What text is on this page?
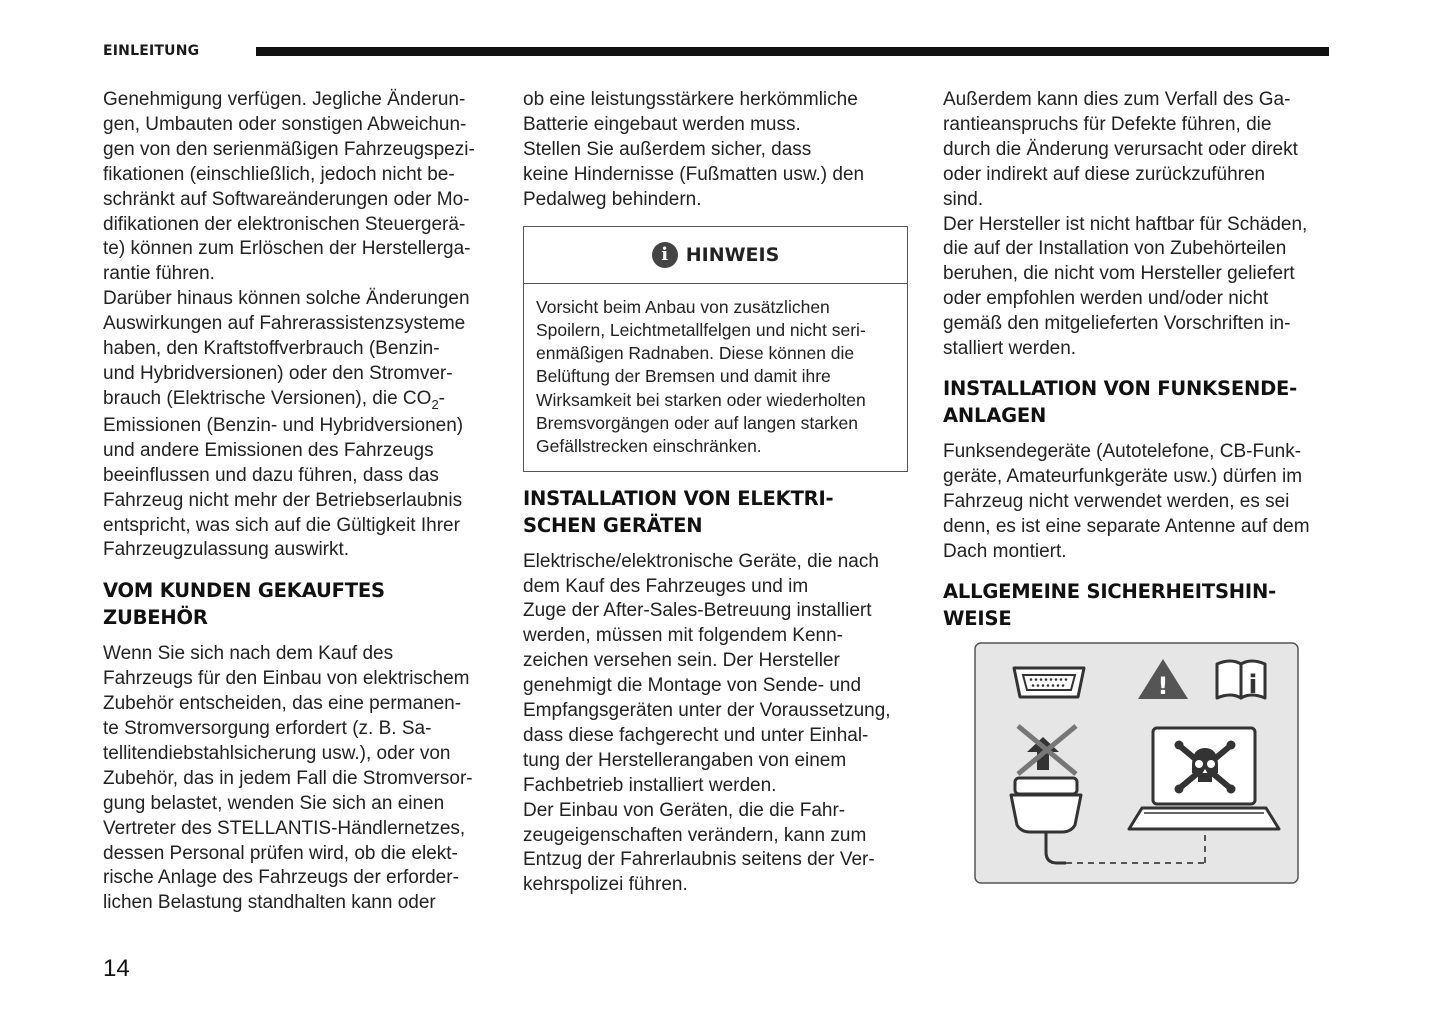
EINLEITUNG

Genehmigung verfügen. Jegliche Änderun-
gen, Umbauten oder sonstigen Abweichun-
gen von den serienmäßigen Fahrzeugspezi-
fikationen (einschließlich, jedoch nicht be-
schränkt auf Softwareänderungen oder Mo-
difikationen der elektronischen Steuergerä-
te) können zum Erlöschen der Herstellerga-
rantie führen.

Darüber hinaus können solche Änderungen
Auswirkungen auf Fahrerassistenzsysteme
haben, den Kraftstoffverbrauch (Benzin-
und Hybridversionen) oder den Stromver-
brauch (Elektrische Versionen), die $CO_2-$
Emissionen (Benzin- und Hybridversionen)
und andere Emissionen des Fahrzeugs
beeinflussen und dazu führen, dass das
Fahrzeug nicht mehr der Betriebserlaubnis
entspricht, was sich auf die Gültigkeit Ihrer
Fahrzeugzulassung auswirkt.

VOM KUNDEN GEKAUFTES
ZUBEHÖR

Wenn Sie sich nach dem Kauf des
Fahrzeugs für den Einbau von elektrischem
Zubehör entscheiden, das eine permanen-
te Stromversorgung erfordert (z. B. Sa-
tellitendiebstahlsicherung usw.), oder von
Zubehör, das in jedem Fall die Stromversor-
gung belastet, wenden Sie sich an einen
Vertreter des STELLANTIS-Händlernetzes,
dessen Personal prüfen wird, ob die elekt-
rische Anlage des Fahrzeugs der erforder-
lichen Belastung standhalten kann oder

ob eine leistungsstärkere herkömmliche
Batterie eingebaut werden muss.
Stellen Sie außerdem sicher, dass
keine Hindernisse (Fußmatten usw.) den
Pedalweg behindern.

i HINWEIS
Vorsicht beim Anbau von zusätzlichen
Spoilern, Leichtmetallfelgen und nicht seri-
enmäßigen Radnaben. Diese können die
Belüftung der Bremsen und damit ihre
Wirksamkeit bei starken oder wiederholten
Bremsvorgängen oder auf langen starken
Gefällstrecken einschränken.
INSTALLATION VON ELEKTRI-
SCHEN GERÄTEN

Elektrische/elektronische Geräte, die nach
dem Kauf des Fahrzeuges und im
Zuge der After-Sales-Betreuung installiert
werden, müssen mit folgendem Kenn-
zeichen versehen sein. Der Hersteller
genehmigt die Montage von Sende- und
Empfangsgeräten unter der Voraussetzung,
dass diese fachgerecht und unter Einhal-
tung der Herstellerangaben von einem
Fachbetrieb installiert werden.
Der Einbau von Geräten, die die Fahr-
zeugeigenschaften verändern, kann zum
Entzug der Fahrerlaubnis seitens der Ver-
kehrspolizei führen.

Außerdem kann dies zum Verfall des Ga-
rantieanspruchs für Defekte führen, die
durch die Änderung verursacht oder direkt
oder indirekt auf diese zurückzuführen
sind.
Der Hersteller ist nicht haftbar für Schäden,
die auf der Installation von Zubehörteilen
beruhen, die nicht vom Hersteller geliefert
oder empfohlen werden und/oder nicht
gemäß den mitgelieferten Vorschriften in-
stalliert werden.

INSTALLATION VON FUNKSENDE-
ANLAGEN

Funksendegeräte (Autotelefone, CB-Funk-
geräte, Amateurfunkgeräte usw.) dürfen im
Fahrzeug nicht verwendet werden, es sei
denn, es ist eine separate Antenne auf dem
Dach montiert.

ALLGEMEINE SICHERHEITSHIN-
WEISE
!	i
14
